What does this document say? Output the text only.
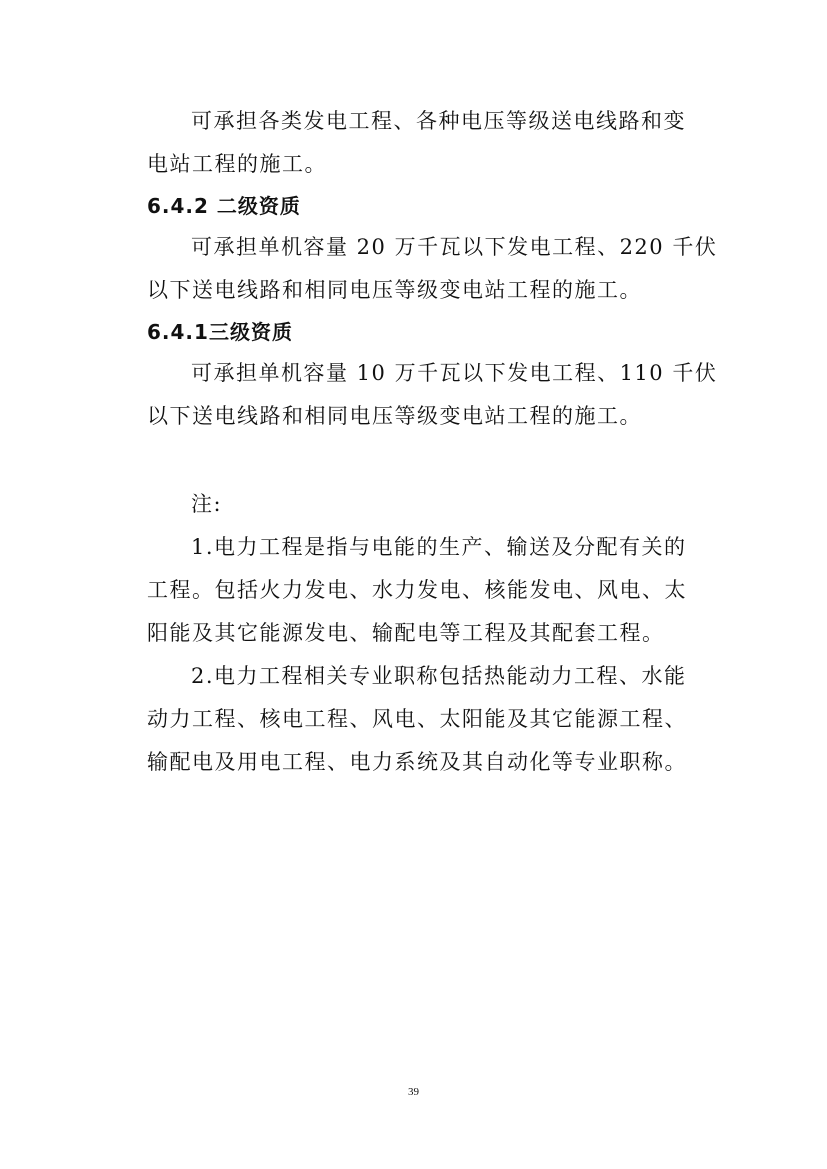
可承担各类发电工程、各种电压等级送电线路和变

电站工程的施工。

6.4.2 二级资质

可承担单机容量 20 万千瓦以下发电工程、220 千伏

以下送电线路和相同电压等级变电站工程的施工。

6.4.1三级资质

可承担单机容量 10 万千瓦以下发电工程、110 千伏

以下送电线路和相同电压等级变电站工程的施工。

注:

1.电力工程是指与电能的生产、输送及分配有关的

工程。包括火力发电、水力发电、核能发电、风电、太

阳能及其它能源发电、输配电等工程及其配套工程。

2.电力工程相关专业职称包括热能动力工程、水能

动力工程、核电工程、风电、太阳能及其它能源工程、

输配电及用电工程、电力系统及其自动化等专业职称。

39
